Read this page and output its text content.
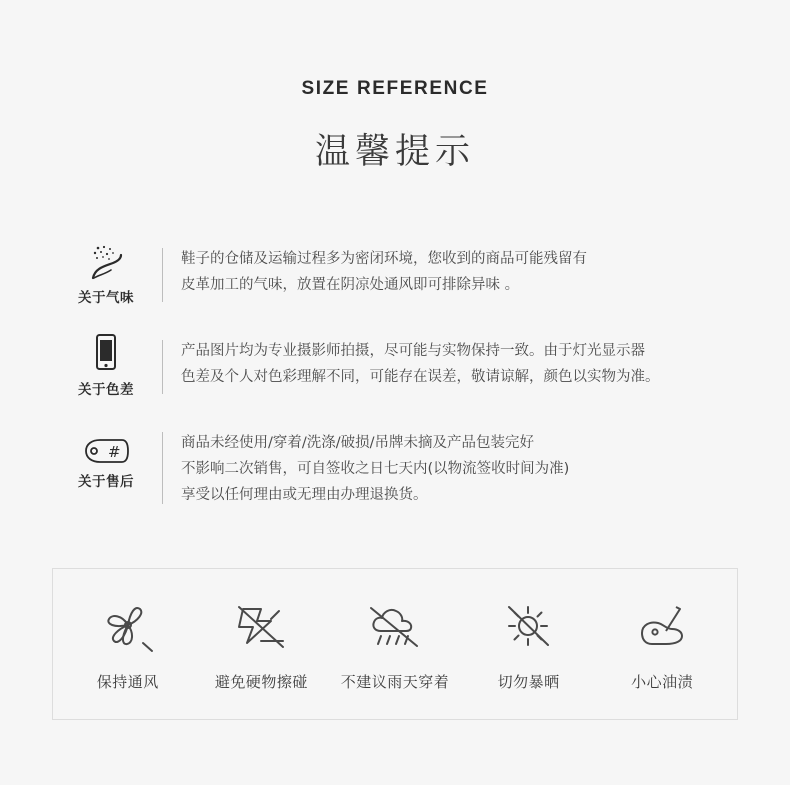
SIZE REFERENCE
温馨提示
关于气味
鞋子的仓储及运输过程多为密闭环境，您收到的商品可能残留有
皮革加工的气味，放置在阴凉处通风即可排除异味 。
关于色差
产品图片均为专业摄影师拍摄，尽可能与实物保持一致。由于灯光显示器
色差及个人对色彩理解不同，可能存在误差，敬请谅解，颜色以实物为准。
#
关于售后
商品未经使用/穿着/洗涤/破损/吊牌未摘及产品包装完好
不影响二次销售，可自签收之日七天内(以物流签收时间为准)
享受以任何理由或无理由办理退换货。
保持通风	避免硬物擦碰	不建议雨天穿着	切勿暴晒	小心油渍
